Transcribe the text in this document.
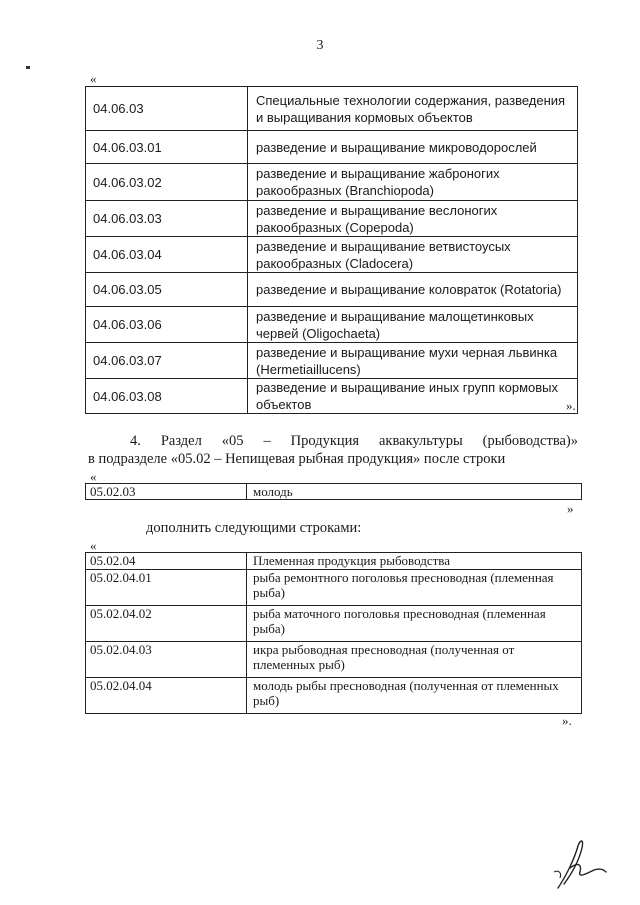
3
«
04.06.03	Специальные технологии содержания, разведения и выращивания кормовых объектов
04.06.03.01	разведение и выращивание микроводорослей
04.06.03.02	разведение и выращивание жаброногих ракообразных (Branchiopoda)
04.06.03.03	разведение и выращивание веслоногих ракообразных (Copepoda)
04.06.03.04	разведение и выращивание ветвистоусых ракообразных (Cladocera)
04.06.03.05	разведение и выращивание коловраток (Rotatoria)
04.06.03.06	разведение и выращивание малощетинковых червей (Oligochaeta)
04.06.03.07	разведение и выращивание мухи черная львинка (Hermetiaillucens)
04.06.03.08	разведение и выращивание иных групп кормовых объектов	».
4. Раздел «05 – Продукция аквакультуры (рыбоводства)»
в подразделе «05.02 – Непищевая рыбная продукция» после строки
«
05.02.03	молодь
»
дополнить следующими строками:
«
05.02.04	Племенная продукция рыбоводства
05.02.04.01	рыба ремонтного поголовья пресноводная (племенная рыба)
05.02.04.02	рыба маточного поголовья пресноводная (племенная рыба)
05.02.04.03	икра рыбоводная пресноводная (полученная от племенных рыб)
05.02.04.04	молодь рыбы пресноводная (полученная от племенных рыб)
».
